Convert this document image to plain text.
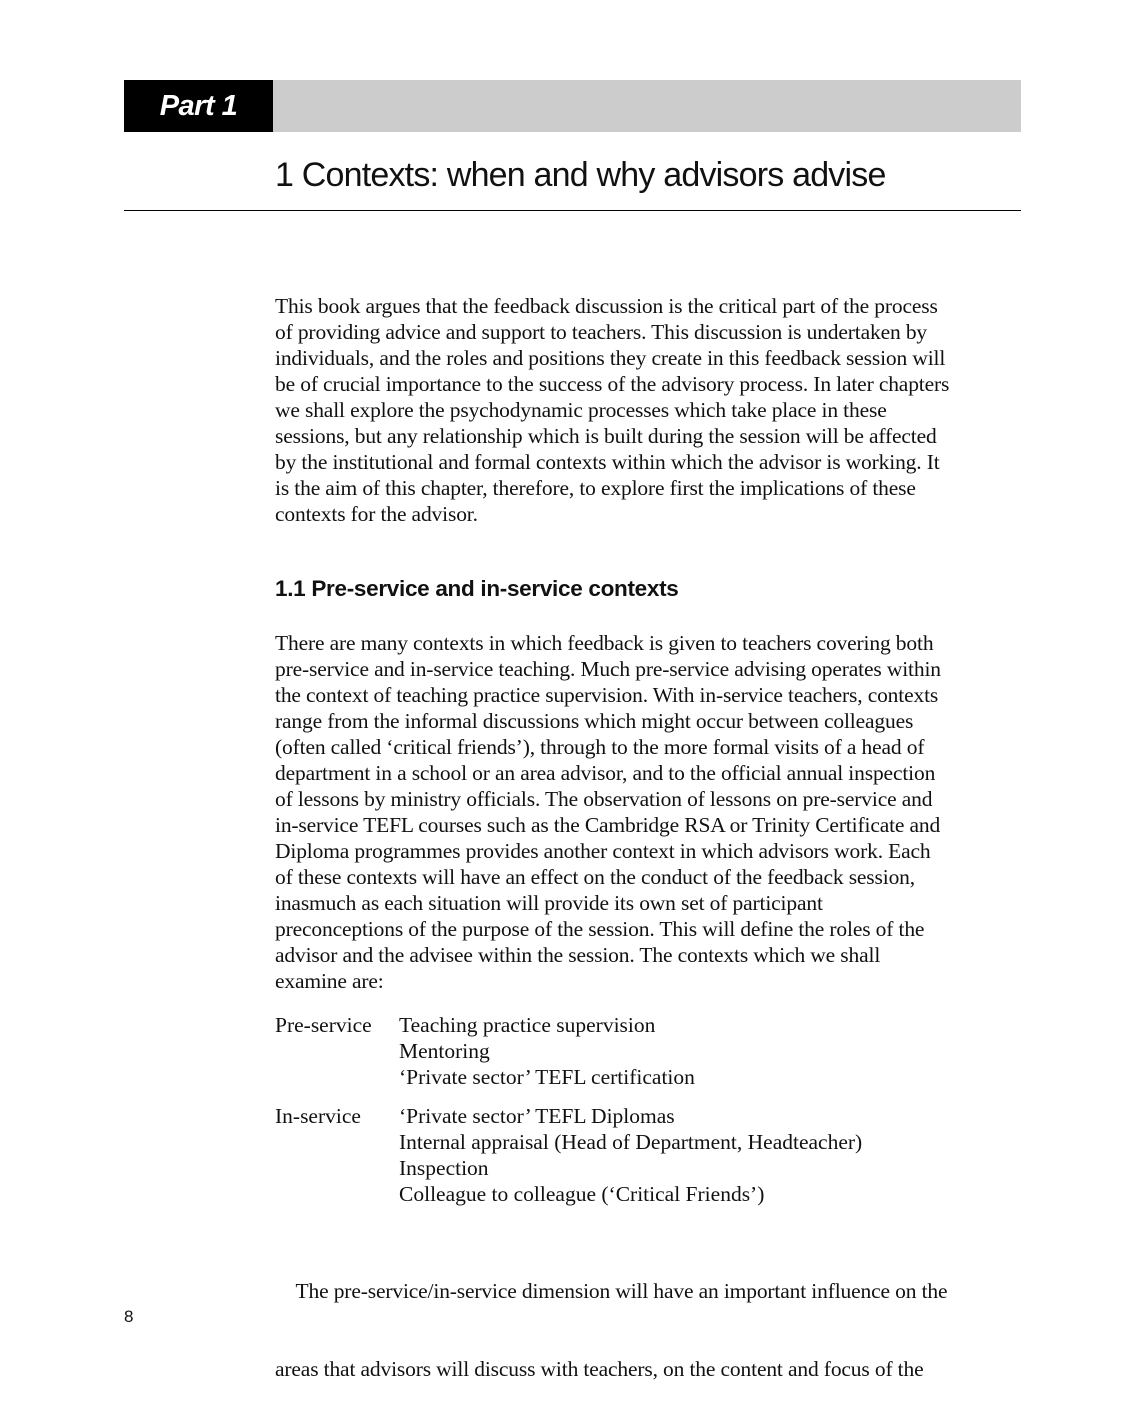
Part 1
1 Contexts: when and why advisors advise
This book argues that the feedback discussion is the critical part of the process
of providing advice and support to teachers. This discussion is undertaken by
individuals, and the roles and positions they create in this feedback session will
be of crucial importance to the success of the advisory process. In later chapters
we shall explore the psychodynamic processes which take place in these
sessions, but any relationship which is built during the session will be affected
by the institutional and formal contexts within which the advisor is working. It
is the aim of this chapter, therefore, to explore first the implications of these
contexts for the advisor.
1.1 Pre-service and in-service contexts
There are many contexts in which feedback is given to teachers covering both
pre-service and in-service teaching. Much pre-service advising operates within
the context of teaching practice supervision. With in-service teachers, contexts
range from the informal discussions which might occur between colleagues
(often called ‘critical friends’), through to the more formal visits of a head of
department in a school or an area advisor, and to the official annual inspection
of lessons by ministry officials. The observation of lessons on pre-service and
in-service TEFL courses such as the Cambridge RSA or Trinity Certificate and
Diploma programmes provides another context in which advisors work. Each
of these contexts will have an effect on the conduct of the feedback session,
inasmuch as each situation will provide its own set of participant
preconceptions of the purpose of the session. This will define the roles of the
advisor and the advisee within the session. The contexts which we shall
examine are:
Pre-service Teaching practice supervision
Mentoring
‘Private sector’ TEFL certification
In-service ‘Private sector’ TEFL Diplomas
Internal appraisal (Head of Department, Headteacher)
Inspection
Colleague to colleague (‘Critical Friends’)

The pre-service/in-service dimension will have an important influence on the

areas that advisors will discuss with teachers, on the content and focus of the

8
